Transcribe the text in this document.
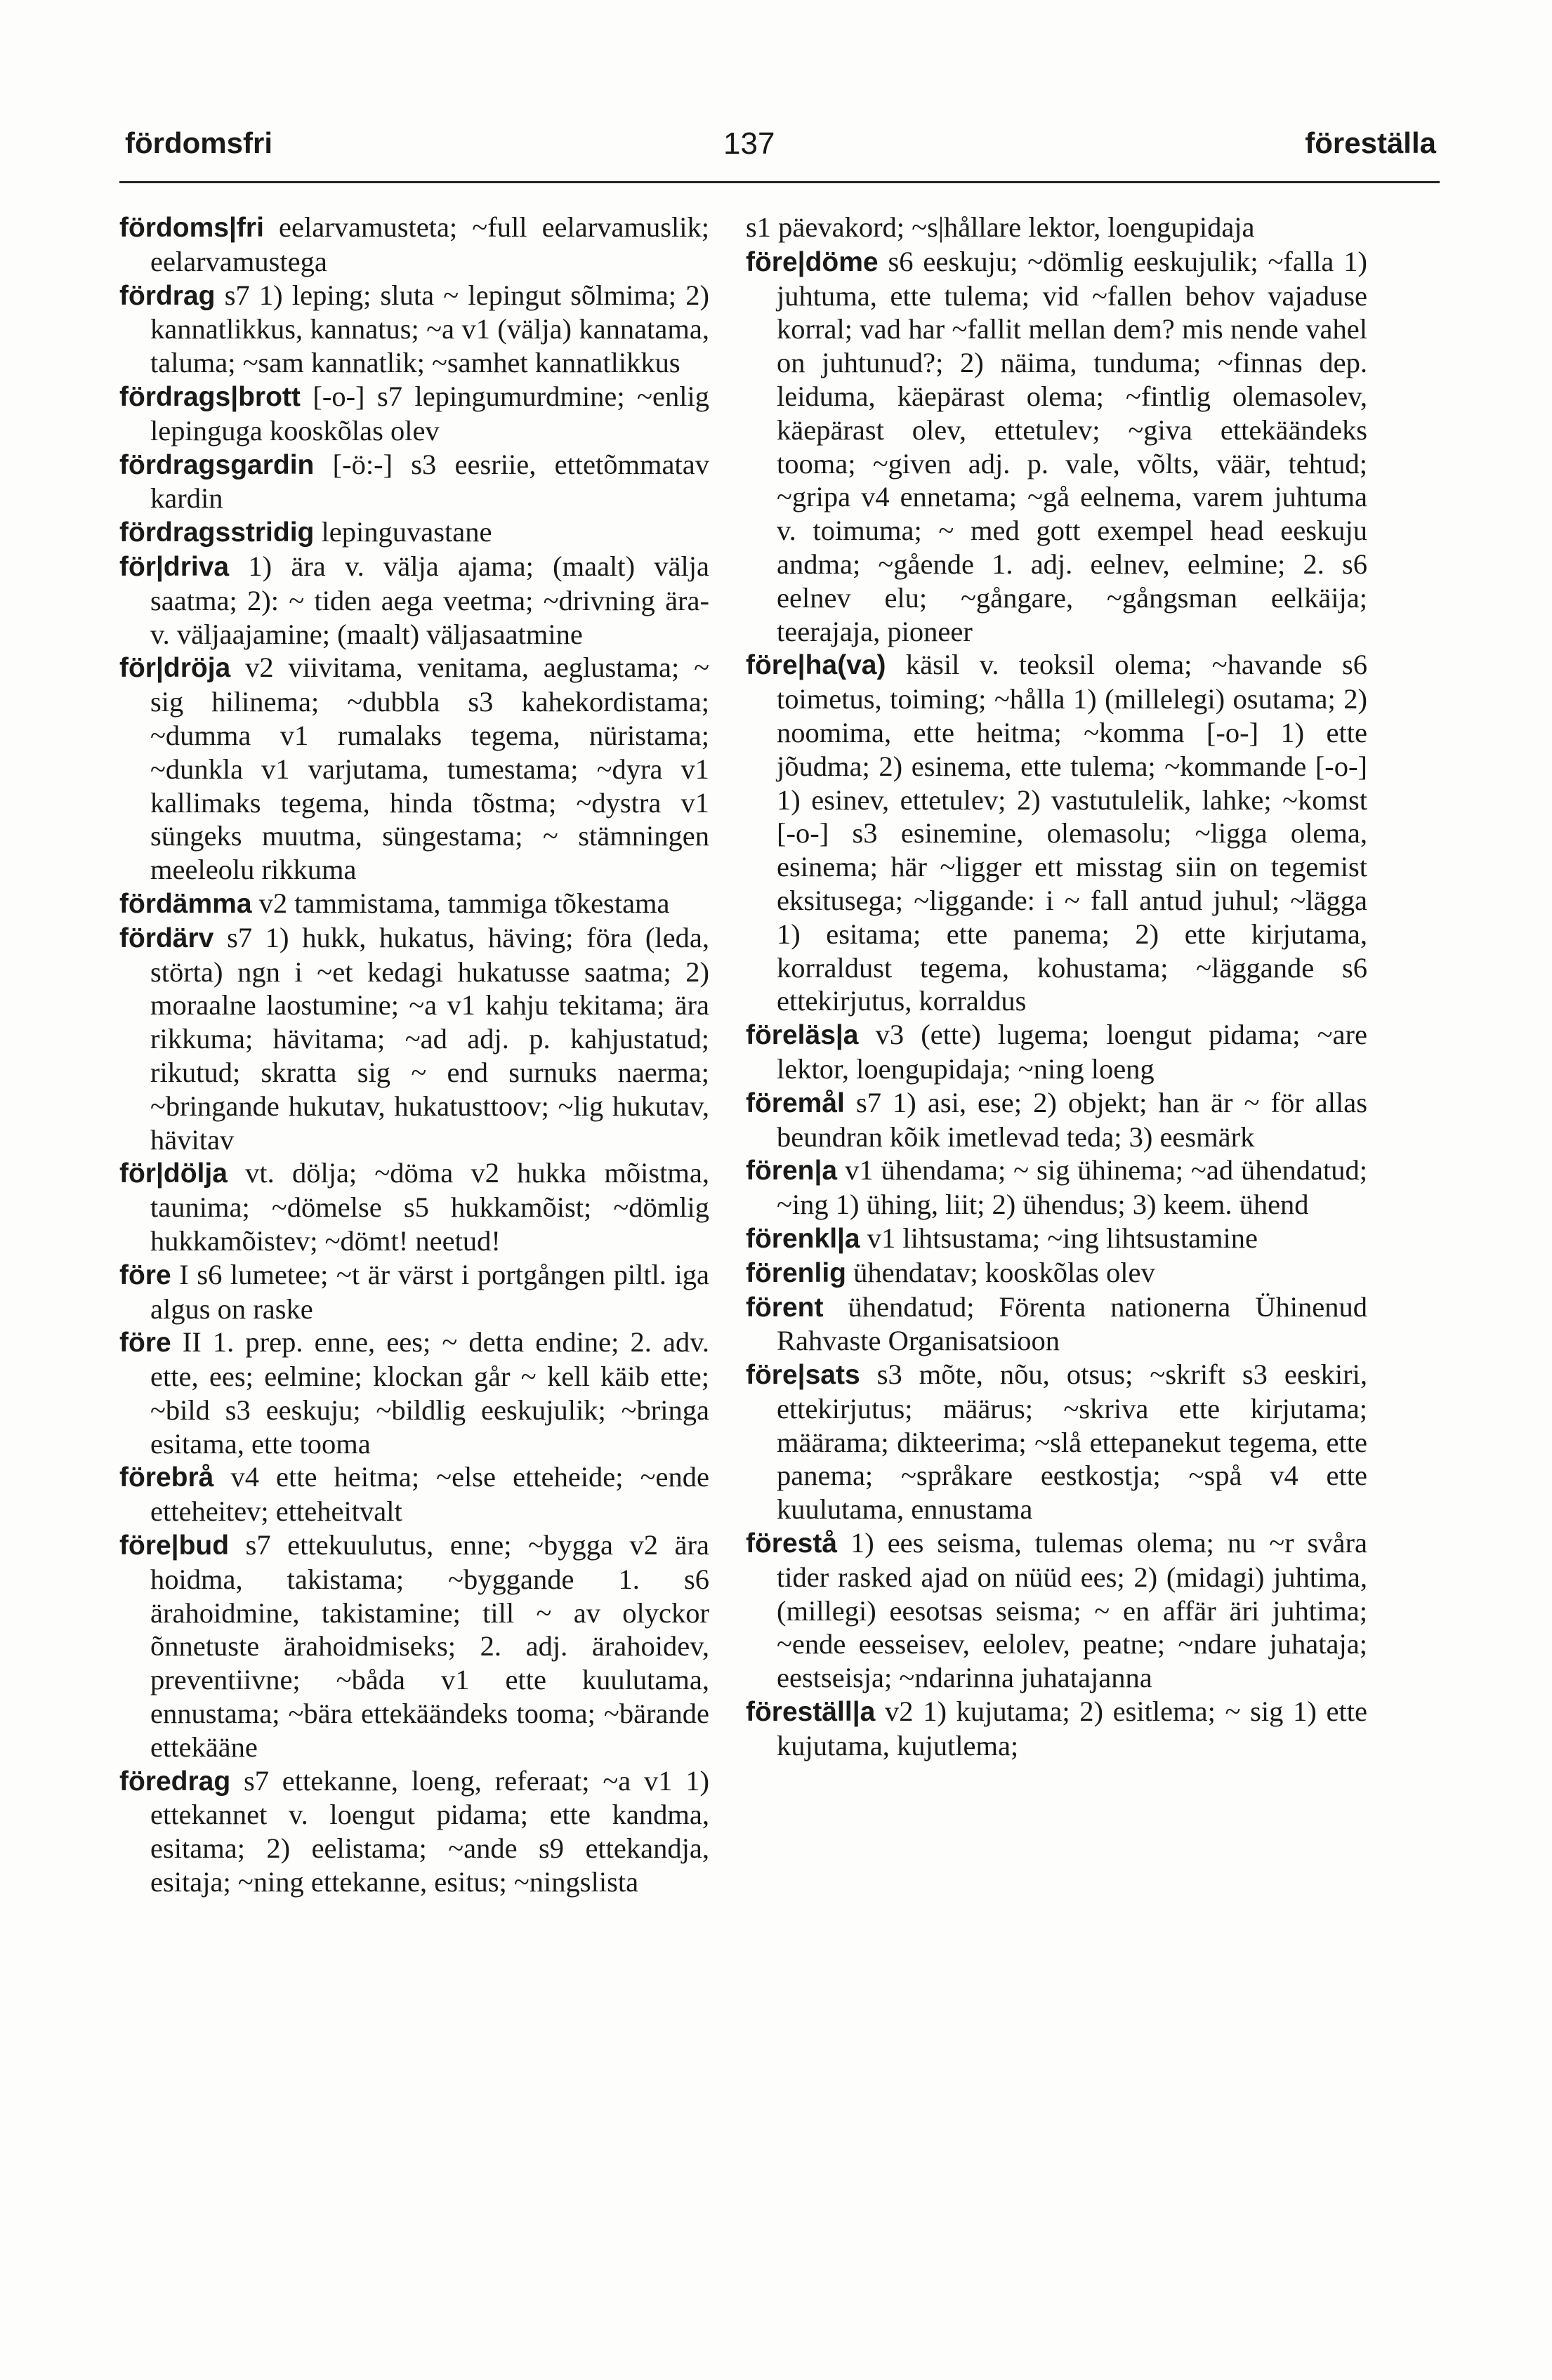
fördomsfri	137	föreställa

fördoms|fri eelarvamusteta; ~full eelarvamuslik; eelarvamustega

fördrag s7 1) leping; sluta ~ lepingut sõlmima; 2) kannatlikkus, kannatus; ~a v1 (välja) kannatama, taluma; ~sam kannatlik; ~samhet kannatlikkus

fördrags|brott [-o-] s7 lepingumurdmine; ~enlig lepinguga kooskõlas olev

fördragsgardin [-ö:-] s3 eesriie, ettetõmmatav kardin

fördragsstridig lepinguvastane

för|driva 1) ära v. välja ajama; (maalt) välja saatma; 2): ~ tiden aega veetma; ~drivning ära- v. väljaajamine; (maalt) väljasaatmine

för|dröja v2 viivitama, venitama, aeglustama; ~ sig hilinema; ~dubbla s3 kahekordistama; ~dumma v1 rumalaks tegema, nüristama; ~dunkla v1 varjutama, tumestama; ~dyra v1 kallimaks tegema, hinda tõstma; ~dystra v1 süngeks muutma, süngestama; ~ stämningen meeleolu rikkuma

fördämma v2 tammistama, tammiga tõkestama

fördärv s7 1) hukk, hukatus, häving; föra (leda, störta) ngn i ~et kedagi hukatusse saatma; 2) moraalne laostumine; ~a v1 kahju tekitama; ära rikkuma; hävitama; ~ad adj. p. kahjustatud; rikutud; skratta sig ~ end surnuks naerma; ~bringande hukutav, hukatusttoov; ~lig hukutav, hävitav

för|dölja vt. dölja; ~döma v2 hukka mõistma, taunima; ~dömelse s5 hukkamõist; ~dömlig hukkamõistev; ~dömt! neetud!

före I s6 lumetee; ~t är värst i portgången piltl. iga algus on raske

före II 1. prep. enne, ees; ~ detta endine; 2. adv. ette, ees; eelmine; klockan går ~ kell käib ette; ~bild s3 eeskuju; ~bildlig eeskujulik; ~bringa esitama, ette tooma

förebrå v4 ette heitma; ~else etteheide; ~ende etteheitev; etteheitvalt

före|bud s7 ettekuulutus, enne; ~bygga v2 ära hoidma, takistama; ~byggande 1. s6 ärahoidmine, takistamine; till ~ av olyckor õnnetuste ärahoidmiseks; 2. adj. ärahoidev, preventiivne; ~båda v1 ette kuulutama, ennustama; ~bära ettekäändeks tooma; ~bärande ettekääne

föredrag s7 ettekanne, loeng, referaat; ~a v1 1) ettekannet v. loengut pidama; ette kandma, esitama; 2) eelistama; ~ande s9 ettekandja, esitaja; ~ning ettekanne, esitus; ~ningslista

s1 päevakord; ~s|hållare lektor, loengupidaja

före|döme s6 eeskuju; ~dömlig eeskujulik; ~falla 1) juhtuma, ette tulema; vid ~fallen behov vajaduse korral; vad har ~fallit mellan dem? mis nende vahel on juhtunud?; 2) näima, tunduma; ~finnas dep. leiduma, käepärast olema; ~fintlig olemasolev, käepärast olev, ettetulev; ~giva ettekäändeks tooma; ~given adj. p. vale, võlts, väär, tehtud; ~gripa v4 ennetama; ~gå eelnema, varem juhtuma v. toimuma; ~ med gott exempel head eeskuju andma; ~gående 1. adj. eelnev, eelmine; 2. s6 eelnev elu; ~gångare, ~gångsman eelkäija; teerajaja, pioneer

före|ha(va) käsil v. teoksil olema; ~havande s6 toimetus, toiming; ~hålla 1) (millelegi) osutama; 2) noomima, ette heitma; ~komma [-o-] 1) ette jõudma; 2) esinema, ette tulema; ~kommande [-o-] 1) esinev, ettetulev; 2) vastutulelik, lahke; ~komst [-o-] s3 esinemine, olemasolu; ~ligga olema, esinema; här ~ligger ett misstag siin on tegemist eksitusega; ~liggande: i ~ fall antud juhul; ~lägga 1) esitama; ette panema; 2) ette kirjutama, korraldust tegema, kohustama; ~läggande s6 ettekirjutus, korraldus

föreläs|a v3 (ette) lugema; loengut pidama; ~are lektor, loengupidaja; ~ning loeng

föremål s7 1) asi, ese; 2) objekt; han är ~ för allas beundran kõik imetlevad teda; 3) eesmärk

fören|a v1 ühendama; ~ sig ühinema; ~ad ühendatud; ~ing 1) ühing, liit; 2) ühendus; 3) keem. ühend

förenkl|a v1 lihtsustama; ~ing lihtsustamine

förenlig ühendatav; kooskõlas olev

förent ühendatud; Förenta nationerna Ühinenud Rahvaste Organisatsioon

före|sats s3 mõte, nõu, otsus; ~skrift s3 eeskiri, ettekirjutus; määrus; ~skriva ette kirjutama; määrama; dikteerima; ~slå ettepanekut tegema, ette panema; ~språkare eestkostja; ~spå v4 ette kuulutama, ennustama

förestå 1) ees seisma, tulemas olema; nu ~r svåra tider rasked ajad on nüüd ees; 2) (midagi) juhtima, (millegi) eesotsas seisma; ~ en affär äri juhtima; ~ende eesseisev, eelolev, peatne; ~ndare juhataja; eestseisja; ~ndarinna juhatajanna

föreställ|a v2 1) kujutama; 2) esitlema; ~ sig 1) ette kujutama, kujutlema;
